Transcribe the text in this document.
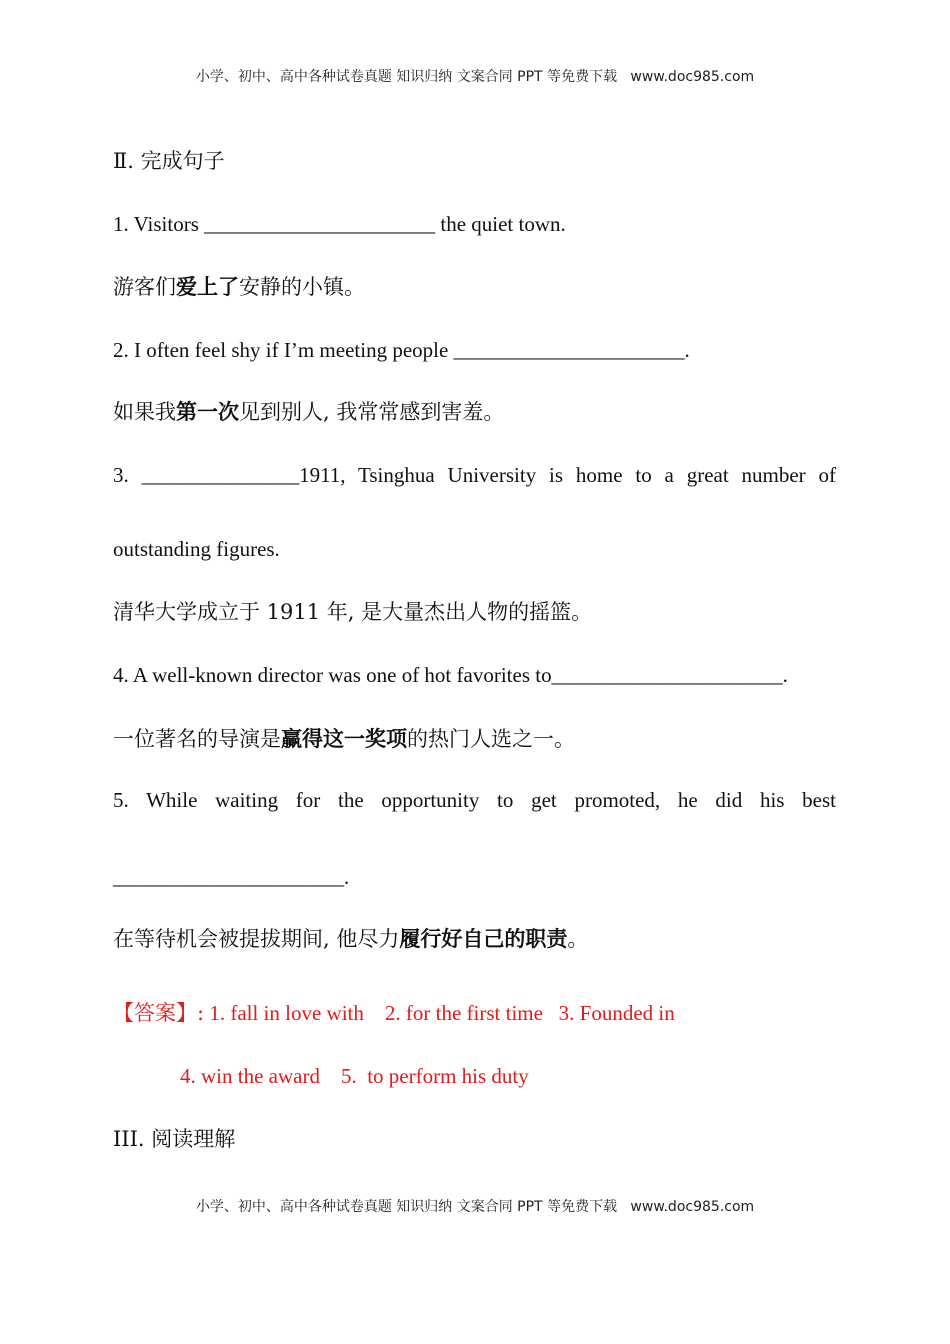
小学、初中、高中各种试卷真题 知识归纳 文案合同 PPT 等免费下载   www.doc985.com
Ⅱ. 完成句子
1. Visitors ______________________ the quiet town.
游客们爱上了安静的小镇。
2. I often feel shy if I’m meeting people ______________________.
如果我第一次见到别人, 我常常感到害羞。
3. _______________1911, Tsinghua University is home to a great number of
outstanding figures.
清华大学成立于 1911 年, 是大量杰出人物的摇篮。
4. A well-known director was one of hot favorites to______________________.
一位著名的导演是赢得这一奖项的热门人选之一。
5. While waiting for the opportunity to get promoted, he did his best
______________________.
在等待机会被提拔期间, 他尽力履行好自己的职责。
【答案】: 1. fall in love with    2. for the first time   3. Founded in
4. win the award    5.  to perform his duty
III. 阅读理解
小学、初中、高中各种试卷真题 知识归纳 文案合同 PPT 等免费下载   www.doc985.com
